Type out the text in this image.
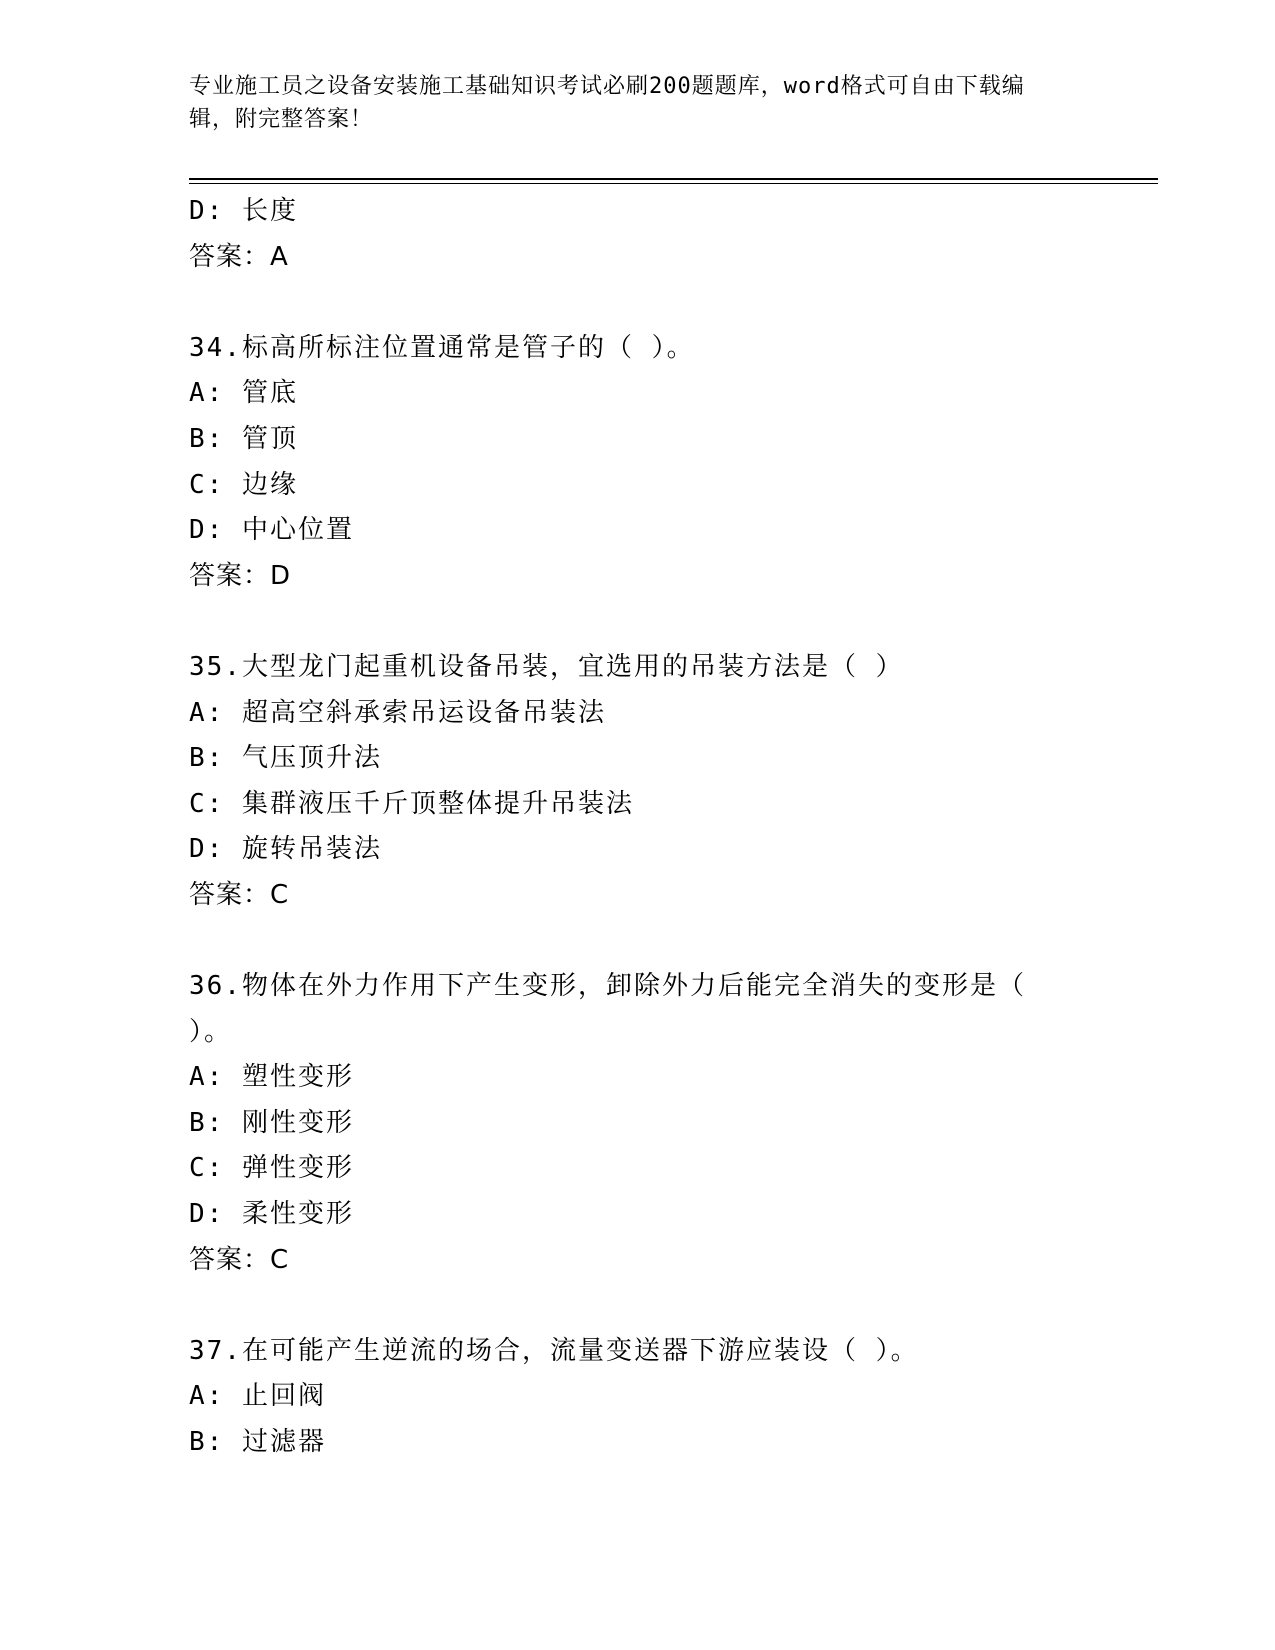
专业施工员之设备安装施工基础知识考试必刷200题题库，word格式可自由下载编辑，附完整答案！
D: 长度
答案：A
34.标高所标注位置通常是管子的（ ）。
A: 管底
B: 管顶
C: 边缘
D: 中心位置
答案：D
35.大型龙门起重机设备吊装，宜选用的吊装方法是（ ）
A: 超高空斜承索吊运设备吊装法
B: 气压顶升法
C: 集群液压千斤顶整体提升吊装法
D: 旋转吊装法
答案：C
36.物体在外力作用下产生变形，卸除外力后能完全消失的变形是（ ）。
A: 塑性变形
B: 刚性变形
C: 弹性变形
D: 柔性变形
答案：C
37.在可能产生逆流的场合，流量变送器下游应装设（ ）。
A: 止回阀
B: 过滤器
